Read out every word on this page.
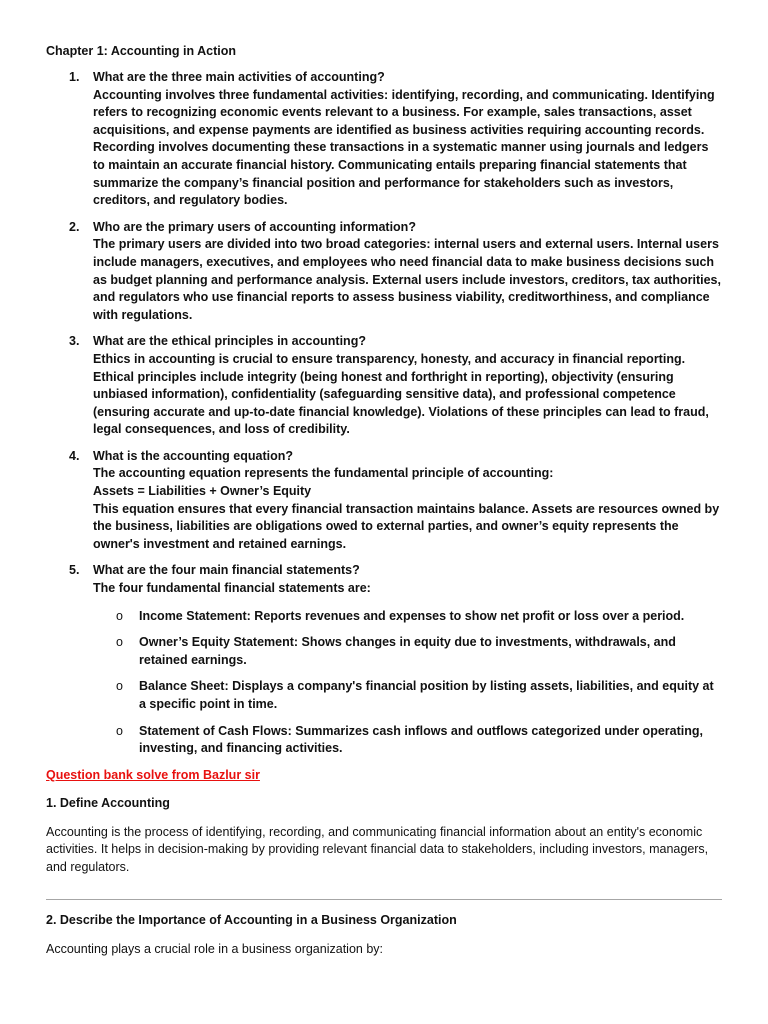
Chapter 1: Accounting in Action
1. What are the three main activities of accounting?
Accounting involves three fundamental activities: identifying, recording, and communicating. Identifying refers to recognizing economic events relevant to a business. For example, sales transactions, asset acquisitions, and expense payments are identified as business activities requiring accounting records. Recording involves documenting these transactions in a systematic manner using journals and ledgers to maintain an accurate financial history. Communicating entails preparing financial statements that summarize the company’s financial position and performance for stakeholders such as investors, creditors, and regulatory bodies.
2. Who are the primary users of accounting information?
The primary users are divided into two broad categories: internal users and external users. Internal users include managers, executives, and employees who need financial data to make business decisions such as budget planning and performance analysis. External users include investors, creditors, tax authorities, and regulators who use financial reports to assess business viability, creditworthiness, and compliance with regulations.
3. What are the ethical principles in accounting?
Ethics in accounting is crucial to ensure transparency, honesty, and accuracy in financial reporting. Ethical principles include integrity (being honest and forthright in reporting), objectivity (ensuring unbiased information), confidentiality (safeguarding sensitive data), and professional competence (ensuring accurate and up-to-date financial knowledge). Violations of these principles can lead to fraud, legal consequences, and loss of credibility.
4. What is the accounting equation?
The accounting equation represents the fundamental principle of accounting:
Assets = Liabilities + Owner’s Equity
This equation ensures that every financial transaction maintains balance. Assets are resources owned by the business, liabilities are obligations owed to external parties, and owner’s equity represents the owner's investment and retained earnings.
5. What are the four main financial statements?
The four fundamental financial statements are:
o Income Statement: Reports revenues and expenses to show net profit or loss over a period.
o Owner’s Equity Statement: Shows changes in equity due to investments, withdrawals, and retained earnings.
o Balance Sheet: Displays a company's financial position by listing assets, liabilities, and equity at a specific point in time.
o Statement of Cash Flows: Summarizes cash inflows and outflows categorized under operating, investing, and financing activities.
Question bank solve from Bazlur sir
1. Define Accounting

Accounting is the process of identifying, recording, and communicating financial information about an entity's economic activities. It helps in decision-making by providing relevant financial data to stakeholders, including investors, managers, and regulators.

2. Describe the Importance of Accounting in a Business Organization

Accounting plays a crucial role in a business organization by:
